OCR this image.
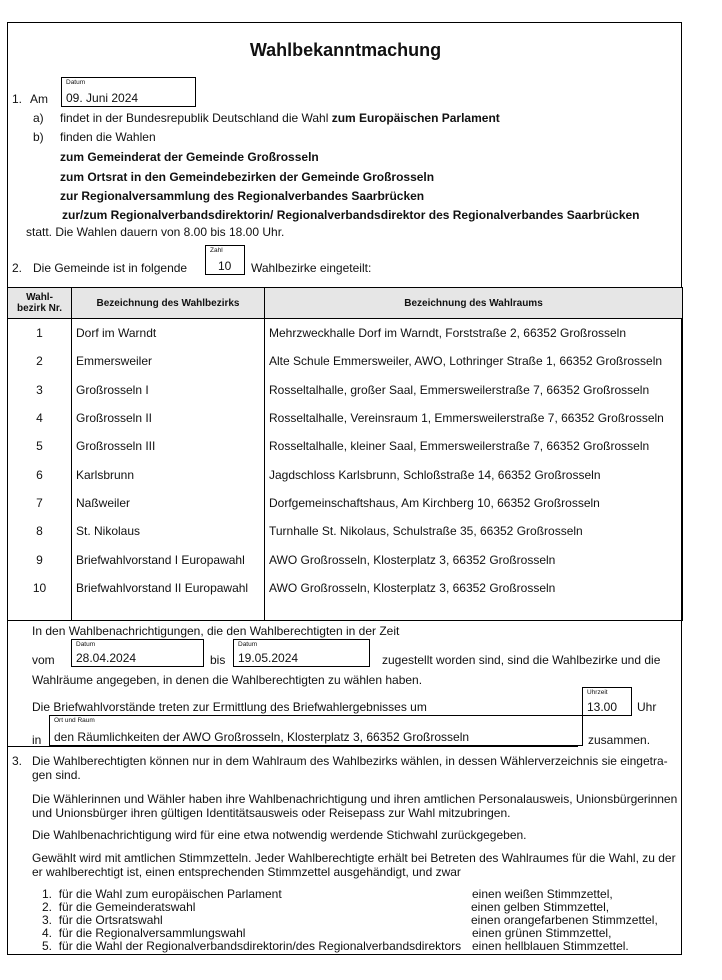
Wahlbekanntmachung
1. Am
Datum
09. Juni 2024
a) findet in der Bundesrepublik Deutschland die Wahl zum Europäischen Parlament
b) finden die Wahlen
zum Gemeinderat der Gemeinde Großrosseln
zum Ortsrat in den Gemeindebezirken der Gemeinde Großrosseln
zur Regionalversammlung des Regionalverbandes Saarbrücken
zur/zum Regionalverbandsdirektorin/ Regionalverbandsdirektor des Regionalverbandes Saarbrücken
statt. Die Wahlen dauern von 8.00 bis 18.00 Uhr.
2. Die Gemeinde ist in folgende
Zahl
10 Wahlbezirke eingeteilt:
Wahl-
bezirk Nr.	Bezeichnung des Wahlbezirks	Bezeichnung des Wahlraums
1	Dorf im Warndt	Mehrzweckhalle Dorf im Warndt, Forststraße 2, 66352 Großrosseln
2	Emmersweiler	Alte Schule Emmersweiler, AWO, Lothringer Straße 1, 66352 Großrosseln
3	Großrosseln I	Rosseltalhalle, großer Saal, Emmersweilerstraße 7, 66352 Großrosseln
4	Großrosseln II	Rosseltalhalle, Vereinsraum 1, Emmersweilerstraße 7, 66352 Großrosseln
5	Großrosseln III	Rosseltalhalle, kleiner Saal, Emmersweilerstraße 7, 66352 Großrosseln
6	Karlsbrunn	Jagdschloss Karlsbrunn, Schloßstraße 14, 66352 Großrosseln
7	Naßweiler	Dorfgemeinschaftshaus, Am Kirchberg 10, 66352 Großrosseln
8	St. Nikolaus	Turnhalle St. Nikolaus, Schulstraße 35, 66352 Großrosseln
9	Briefwahlvorstand I Europawahl	AWO Großrosseln, Klosterplatz 3, 66352 Großrosseln
10	Briefwahlvorstand II Europawahl	AWO Großrosseln, Klosterplatz 3, 66352 Großrosseln

In den Wahlbenachrichtigungen, die den Wahlberechtigten in der Zeit
vom
Datum
28.04.2024	bis
Datum
19.05.2024	zugestellt worden sind, sind die Wahlbezirke und die
Wahlräume angegeben, in denen die Wahlberechtigten zu wählen haben.
Die Briefwahlvorstände treten zur Ermittlung des Briefwahlergebnisses um
Uhrzeit
13.00 Uhr
in
Ort und Raum
den Räumlichkeiten der AWO Großrosseln, Klosterplatz 3, 66352 Großrosseln	zusammen.
3. Die Wahlberechtigten können nur in dem Wahlraum des Wahlbezirks wählen, in dessen Wählerverzeichnis sie eingetra-
gen sind.
Die Wählerinnen und Wähler haben ihre Wahlbenachrichtigung und ihren amtlichen Personalausweis, Unionsbürgerinnen
und Unionsbürger ihren gültigen Identitätsausweis oder Reisepass zur Wahl mitzubringen.
Die Wahlbenachrichtigung wird für eine etwa notwendig werdende Stichwahl zurückgegeben.
Gewählt wird mit amtlichen Stimmzetteln. Jeder Wahlberechtigte erhält bei Betreten des Wahlraumes für die Wahl, zu der
er wahlberechtigt ist, einen entsprechenden Stimmzettel ausgehändigt, und zwar
1. für die Wahl zum europäischen Parlament	einen weißen Stimmzettel,
2. für die Gemeinderatswahl	einen gelben Stimmzettel,
3. für die Ortsratswahl	einen orangefarbenen Stimmzettel,
4. für die Regionalversammlungswahl	einen grünen Stimmzettel,
5. für die Wahl der Regionalverbandsdirektorin/des Regionalverbandsdirektors einen hellblauen Stimmzettel.
